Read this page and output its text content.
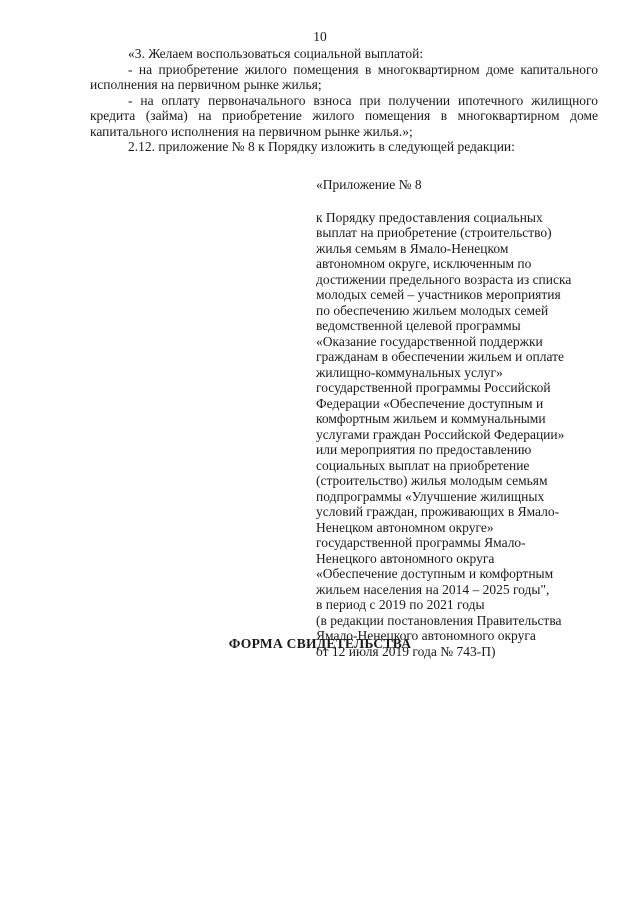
10

«3. Желаем воспользоваться социальной выплатой:

- на приобретение жилого помещения в многоквартирном доме капитального исполнения на первичном рынке жилья;

- на оплату первоначального взноса при получении ипотечного жилищного кредита (займа) на приобретение жилого помещения в многоквартирном доме капитального исполнения на первичном рынке жилья.»;

2.12. приложение № 8 к Порядку изложить в следующей редакции:

«Приложение № 8

к Порядку предоставления социальных
выплат на приобретение (строительство)
жилья семьям в Ямало-Ненецком
автономном округе, исключенным по
достижении предельного возраста из списка
молодых семей – участников мероприятия
по обеспечению жильем молодых семей
ведомственной целевой программы
«Оказание государственной поддержки
гражданам в обеспечении жильем и оплате
жилищно-коммунальных услуг»
государственной программы Российской
Федерации «Обеспечение доступным и
комфортным жильем и коммунальными
услугами граждан Российской Федерации»
или мероприятия по предоставлению
социальных выплат на приобретение
(строительство) жилья молодым семьям
подпрограммы «Улучшение жилищных
условий граждан, проживающих в Ямало-
Ненецком автономном округе»
государственной программы Ямало-
Ненецкого автономного округа
«Обеспечение доступным и комфортным
жильем населения на 2014 – 2025 годы",
в период с 2019 по 2021 годы
(в редакции постановления Правительства
Ямало-Ненецкого автономного округа
от 12 июля 2019 года № 743-П)
ФОРМА СВИДЕТЕЛЬСТВА
